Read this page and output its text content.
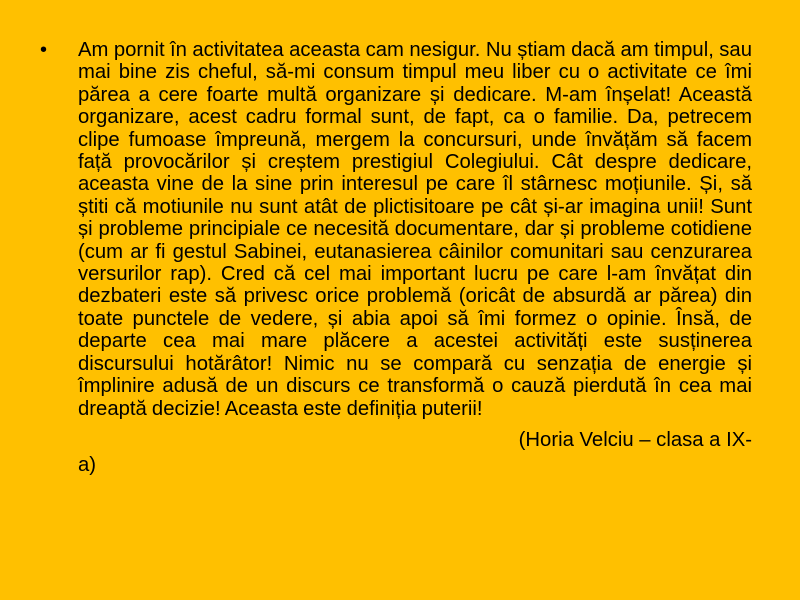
• Am pornit în activitatea aceasta cam nesigur. Nu știam dacă am timpul, sau mai bine zis cheful, să-mi consum timpul meu liber cu o activitate ce îmi părea a cere foarte multă organizare și dedicare. M-am înșelat! Această organizare, acest cadru formal sunt, de fapt, ca o familie. Da, petrecem clipe fumoase împreună, mergem la concursuri, unde învățăm să facem față provocărilor și creștem prestigiul Colegiului. Cât despre dedicare, aceasta vine de la sine prin interesul pe care îl stârnesc moțiunile. Și, să știti că motiunile nu sunt atât de plictisitoare pe cât și-ar imagina unii! Sunt și probleme principiale ce necesită documentare, dar și probleme cotidiene (cum ar fi gestul Sabinei, eutanasierea câinilor comunitari sau cenzurarea versurilor rap). Cred că cel mai important lucru pe care l-am învățat din dezbateri este să privesc orice problemă (oricât de absurdă ar părea) din toate punctele de vedere, și abia apoi să îmi formez o opinie. Însă, de departe cea mai mare plăcere a acestei activități este susținerea discursului hotărâtor! Nimic nu se compară cu senzația de energie și împlinire adusă de un discurs ce transformă o cauză pierdută în cea mai dreaptă decizie! Aceasta este definiția puterii!
(Horia Velciu – clasa a IX-
a)
